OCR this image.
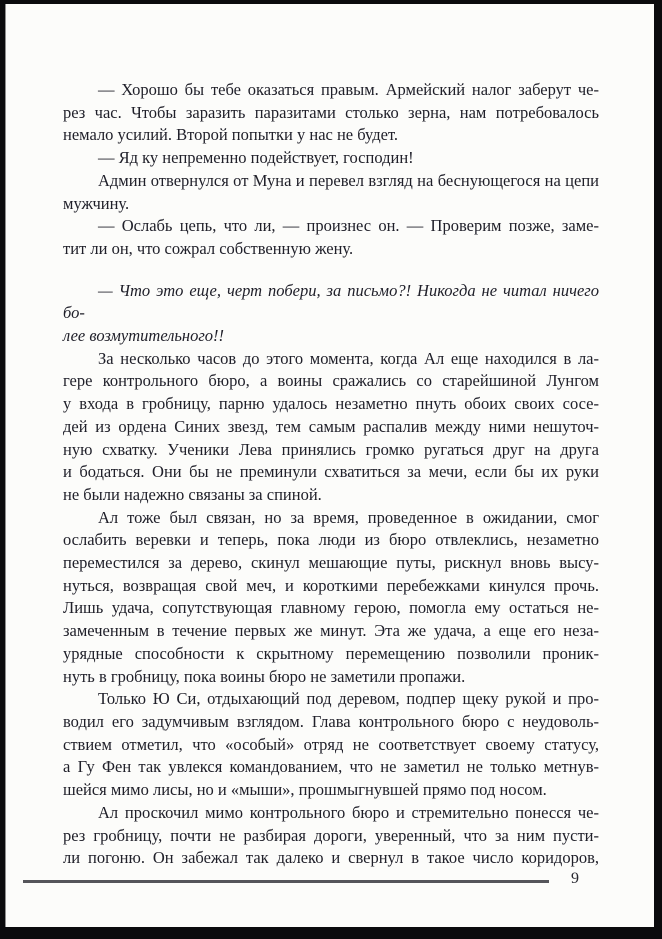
— Хорошо бы тебе оказаться правым. Армейский налог заберут че-
рез час. Чтобы заразить паразитами столько зерна, нам потребовалось
немало усилий. Второй попытки у нас не будет.
— Яд ку непременно подействует, господин!
Админ отвернулся от Муна и перевел взгляд на беснующегося на цепи
мужчину.
— Ослабь цепь, что ли, — произнес он. — Проверим позже, заме-
тит ли он, что сожрал собственную жену.
— Что это еще, черт побери, за письмо?! Никогда не читал ничего бо-
лее возмутительного!!
За несколько часов до этого момента, когда Ал еще находился в ла-
гере контрольного бюро, а воины сражались со старейшиной Лунгом
у входа в гробницу, парню удалось незаметно пнуть обоих своих сосе-
дей из ордена Синих звезд, тем самым распалив между ними нешуточ-
ную схватку. Ученики Лева принялись громко ругаться друг на друга
и бодаться. Они бы не преминули схватиться за мечи, если бы их руки
не были надежно связаны за спиной.
Ал тоже был связан, но за время, проведенное в ожидании, смог
ослабить веревки и теперь, пока люди из бюро отвлеклись, незаметно
переместился за дерево, скинул мешающие путы, рискнул вновь высу-
нуться, возвращая свой меч, и короткими перебежками кинулся прочь.
Лишь удача, сопутствующая главному герою, помогла ему остаться не-
замеченным в течение первых же минут. Эта же удача, а еще его неза-
урядные способности к скрытному перемещению позволили проник-
нуть в гробницу, пока воины бюро не заметили пропажи.
Только Ю Си, отдыхающий под деревом, подпер щеку рукой и про-
водил его задумчивым взглядом. Глава контрольного бюро с неудоволь-
ствием отметил, что «особый» отряд не соответствует своему статусу,
а Гу Фен так увлекся командованием, что не заметил не только метнув-
шейся мимо лисы, но и «мыши», прошмыгнувшей прямо под носом.
Ал проскочил мимо контрольного бюро и стремительно понесся че-
рез гробницу, почти не разбирая дороги, уверенный, что за ним пусти-
ли погоню. Он забежал так далеко и свернул в такое число коридоров,
9
